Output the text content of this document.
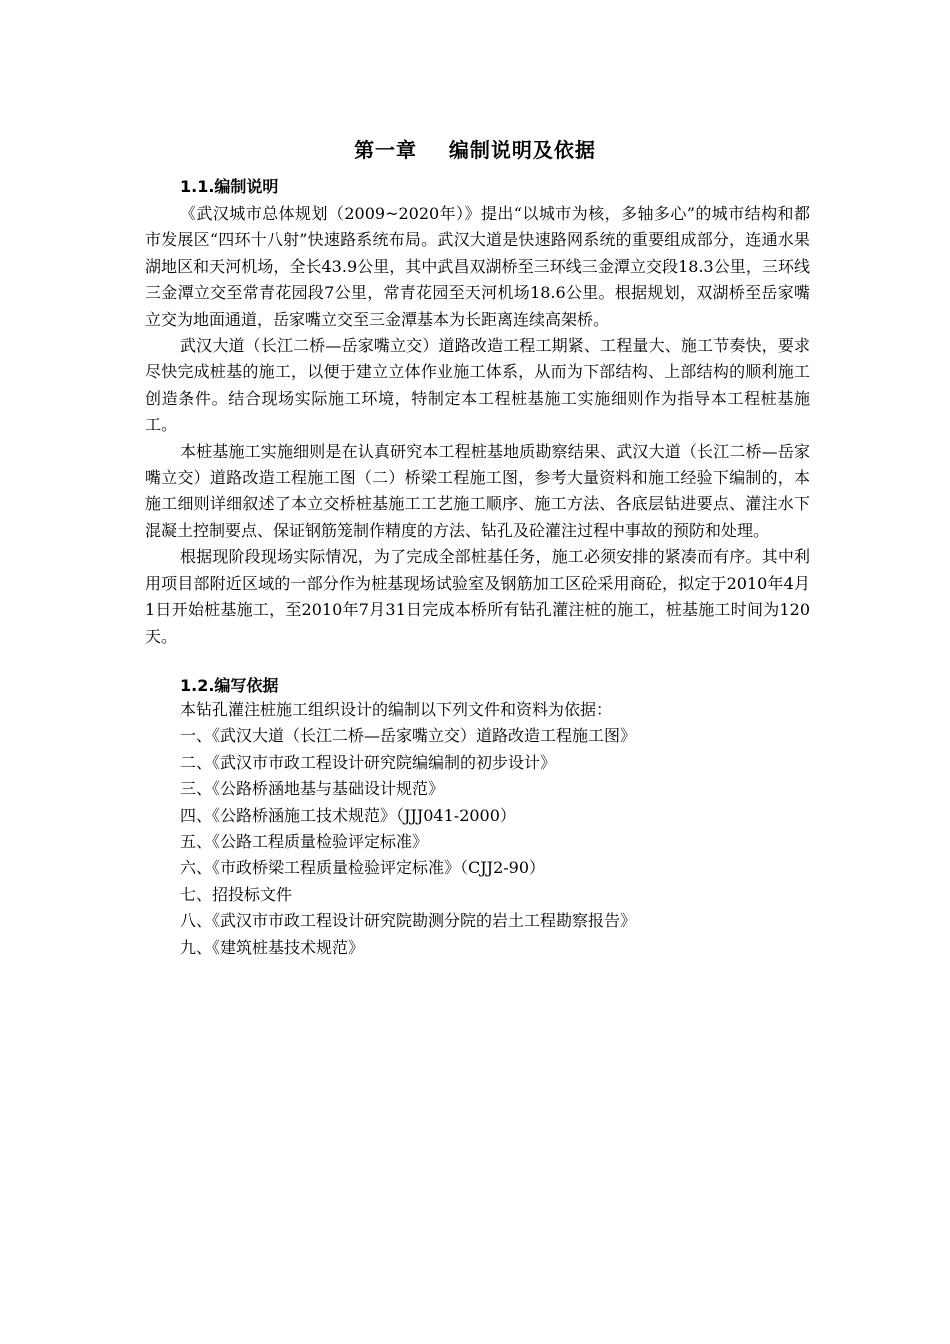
第一章    编制说明及依据
1.1.编制说明

《武汉城市总体规划（2009~2020年）》提出“以城市为核，多轴多心”的城市结构和都市发展区“四环十八射”快速路系统布局。武汉大道是快速路网系统的重要组成部分，连通水果湖地区和天河机场，全长43.9公里，其中武昌双湖桥至三环线三金潭立交段18.3公里，三环线三金潭立交至常青花园段7公里，常青花园至天河机场18.6公里。根据规划，双湖桥至岳家嘴立交为地面通道，岳家嘴立交至三金潭基本为长距离连续高架桥。

武汉大道（长江二桥—岳家嘴立交）道路改造工程工期紧、工程量大、施工节奏快，要求尽快完成桩基的施工，以便于建立立体作业施工体系，从而为下部结构、上部结构的顺利施工创造条件。结合现场实际施工环境，特制定本工程桩基施工实施细则作为指导本工程桩基施工。

本桩基施工实施细则是在认真研究本工程桩基地质勘察结果、武汉大道（长江二桥—岳家嘴立交）道路改造工程施工图（二）桥梁工程施工图，参考大量资料和施工经验下编制的，本施工细则详细叙述了本立交桥桩基施工工艺施工顺序、施工方法、各底层钻进要点、灌注水下混凝土控制要点、保证钢筋笼制作精度的方法、钻孔及砼灌注过程中事故的预防和处理。

根据现阶段现场实际情况，为了完成全部桩基任务，施工必须安排的紧凑而有序。其中利用项目部附近区域的一部分作为桩基现场试验室及钢筋加工区砼采用商砼，拟定于2010年4月1日开始桩基施工，至2010年7月31日完成本桥所有钻孔灌注桩的施工，桩基施工时间为120天。

1.2.编写依据
本钻孔灌注桩施工组织设计的编制以下列文件和资料为依据：
一、《武汉大道（长江二桥—岳家嘴立交）道路改造工程施工图》
二、《武汉市市政工程设计研究院编编制的初步设计》
三、《公路桥涵地基与基础设计规范》
四、《公路桥涵施工技术规范》（JJJ041-2000）
五、《公路工程质量检验评定标准》
六、《市政桥梁工程质量检验评定标准》（CJJ2-90）
七、招投标文件
八、《武汉市市政工程设计研究院勘测分院的岩土工程勘察报告》
九、《建筑桩基技术规范》
